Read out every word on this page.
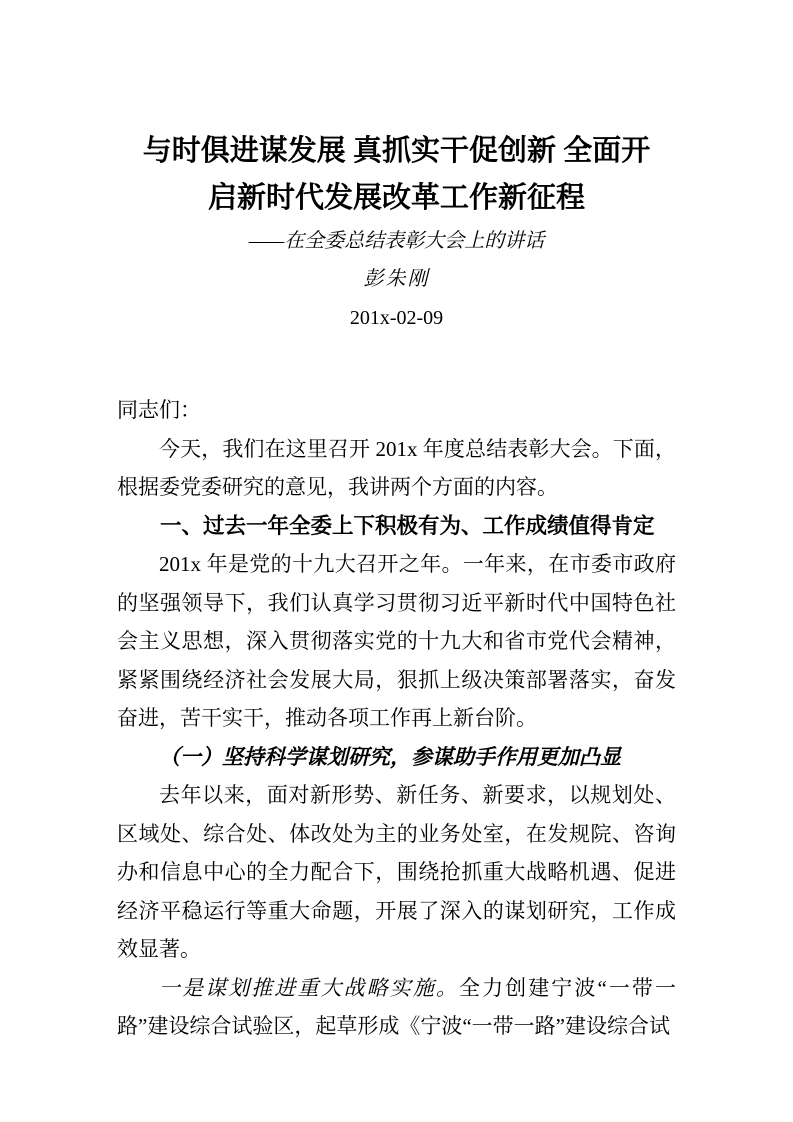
与时俱进谋发展 真抓实干促创新 全面开
启新时代发展改革工作新征程

——在全委总结表彰大会上的讲话

彭朱刚

201x-02-09

同志们：

今天，我们在这里召开 201x 年度总结表彰大会。下面，根据委党委研究的意见，我讲两个方面的内容。

一、过去一年全委上下积极有为、工作成绩值得肯定

201x 年是党的十九大召开之年。一年来，在市委市政府的坚强领导下，我们认真学习贯彻习近平新时代中国特色社会主义思想，深入贯彻落实党的十九大和省市党代会精神，紧紧围绕经济社会发展大局，狠抓上级决策部署落实，奋发奋进，苦干实干，推动各项工作再上新台阶。

（一）坚持科学谋划研究，参谋助手作用更加凸显

去年以来，面对新形势、新任务、新要求，以规划处、区域处、综合处、体改处为主的业务处室，在发规院、咨询办和信息中心的全力配合下，围绕抢抓重大战略机遇、促进经济平稳运行等重大命题，开展了深入的谋划研究，工作成效显著。

一是谋划推进重大战略实施。全力创建宁波“一带一路”建设综合试验区，起草形成《宁波“一带一路”建设综合试
